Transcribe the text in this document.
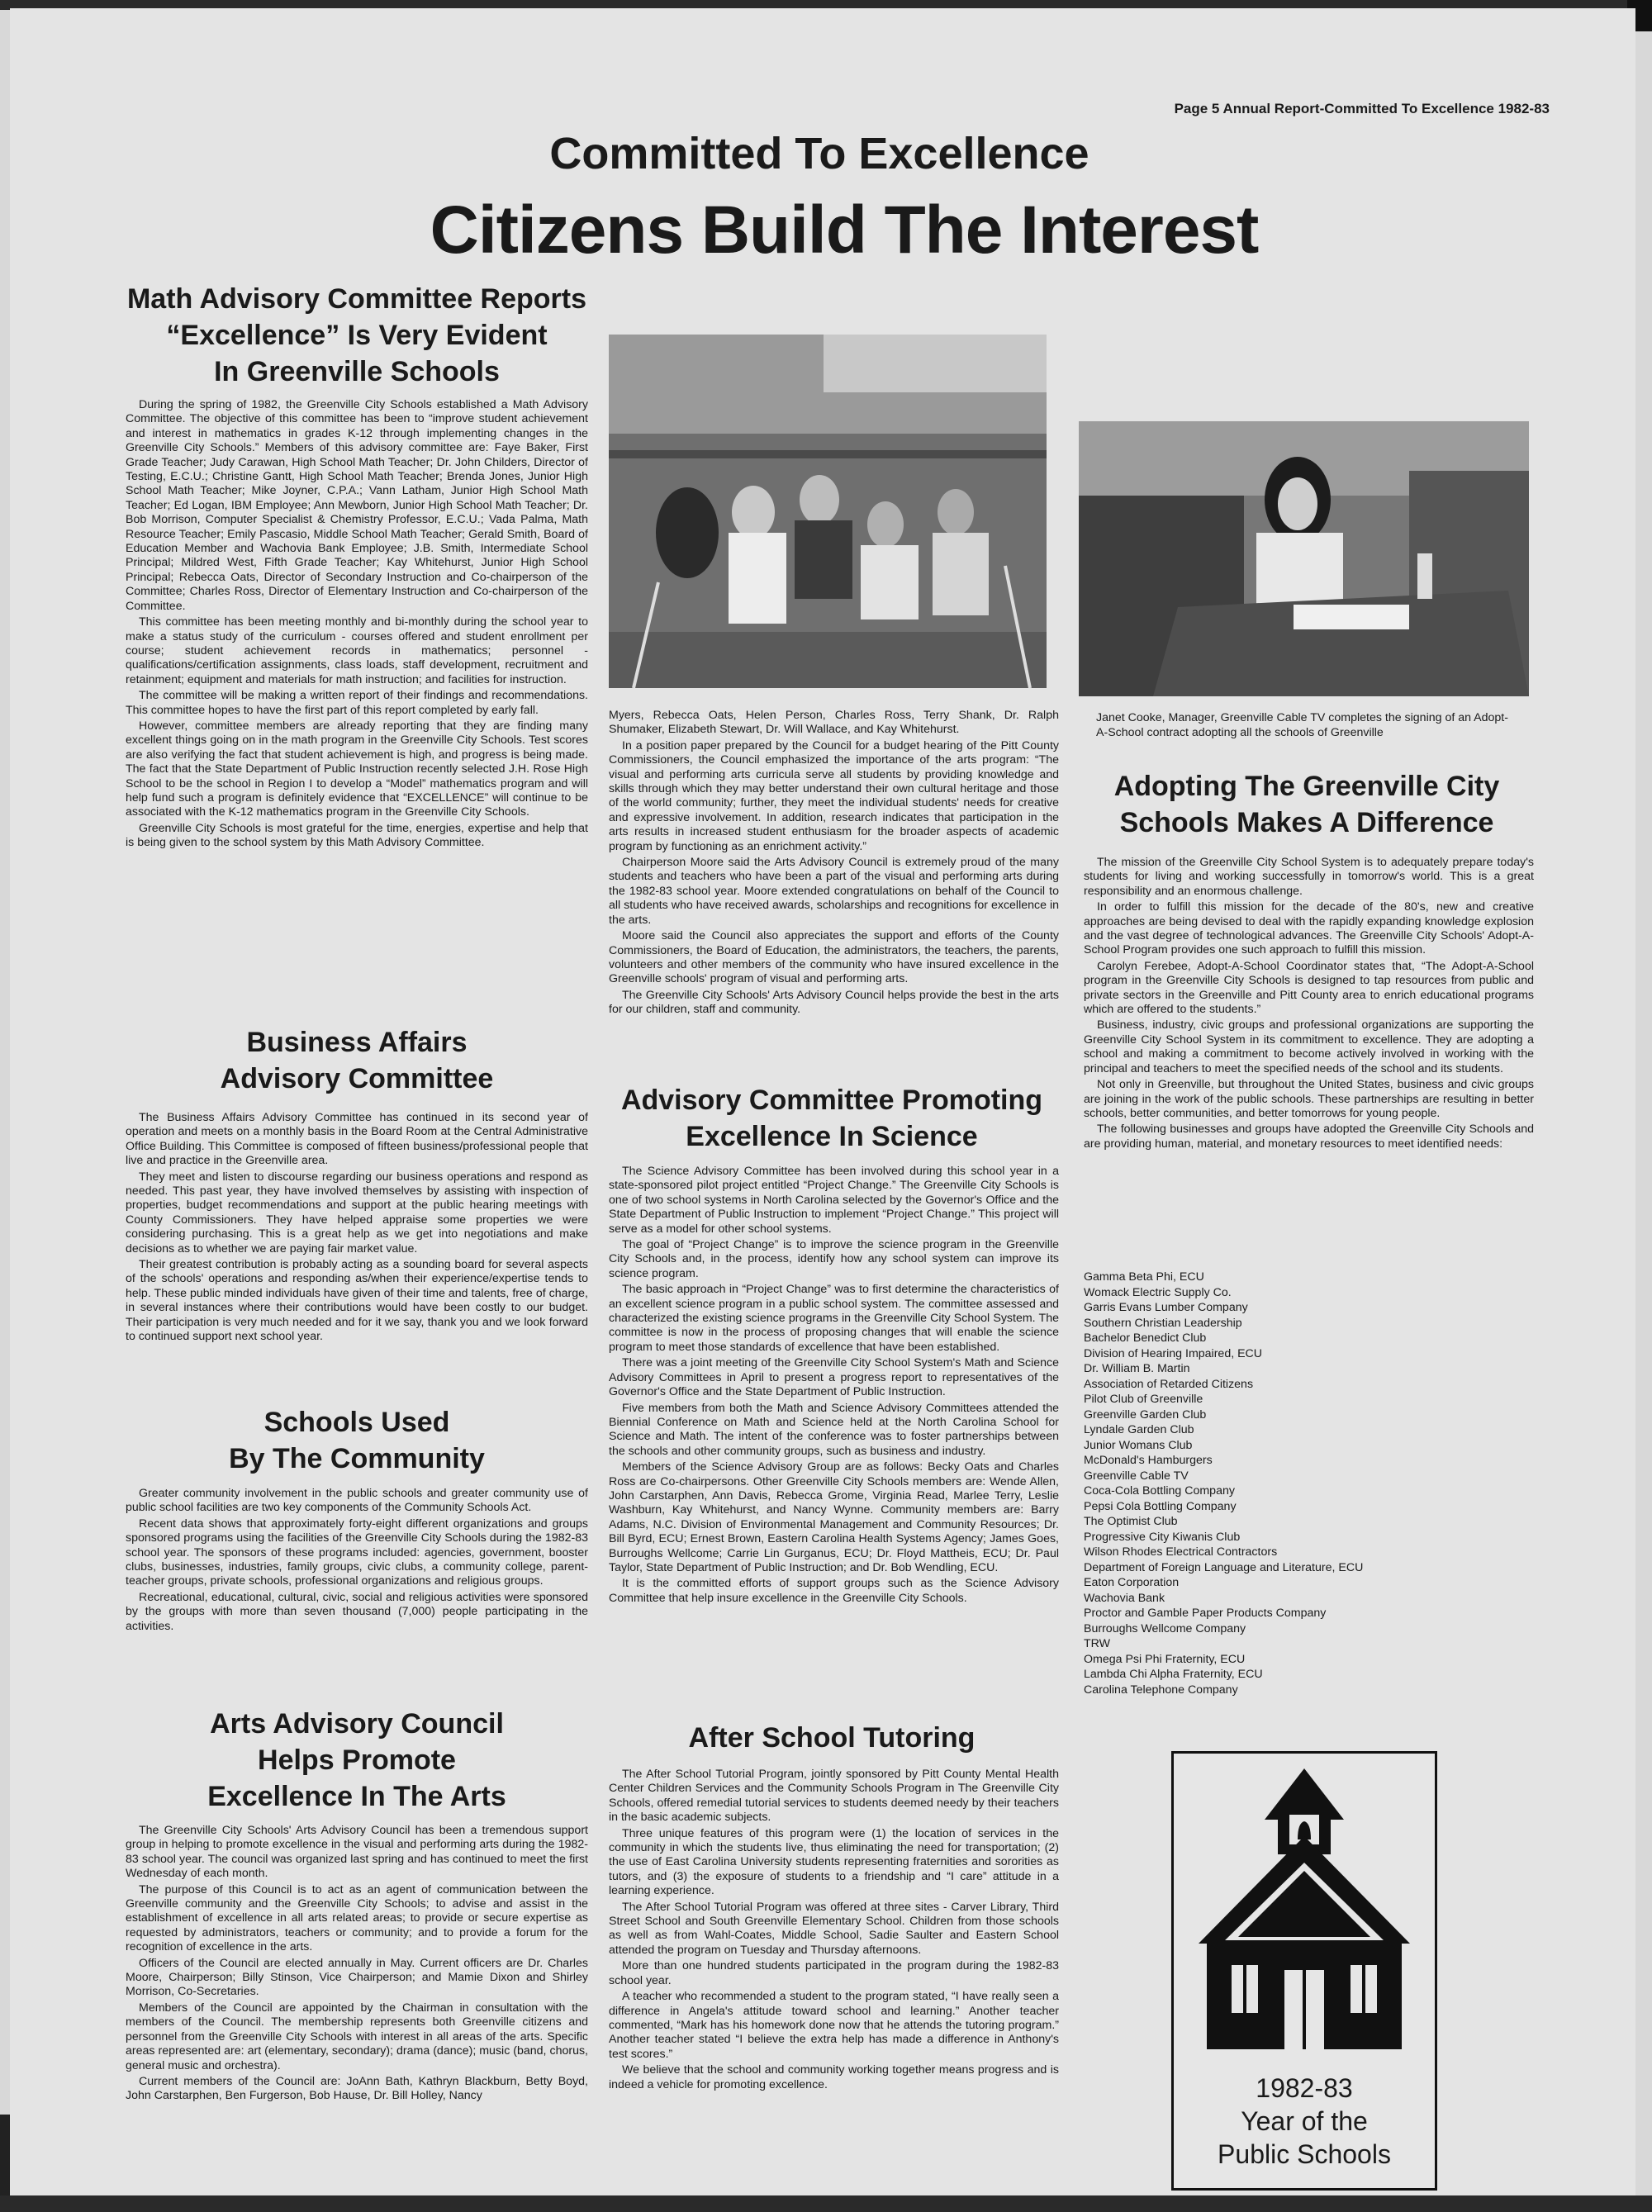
Page 5 Annual Report-Committed To Excellence 1982-83
Committed To Excellence
Citizens Build The Interest
Math Advisory Committee Reports
“Excellence” Is Very Evident
In Greenville Schools

During the spring of 1982, the Greenville City Schools established a Math Advisory Committee. The objective of this committee has been to “improve student achievement and interest in mathematics in grades K-12 through implementing changes in the Greenville City Schools.” Members of this advisory committee are: Faye Baker, First Grade Teacher; Judy Carawan, High School Math Teacher; Dr. John Childers, Director of Testing, E.C.U.; Christine Gantt, High School Math Teacher; Brenda Jones, Junior High School Math Teacher; Mike Joyner, C.P.A.; Vann Latham, Junior High School Math Teacher; Ed Logan, IBM Employee; Ann Mewborn, Junior High School Math Teacher; Dr. Bob Morrison, Computer Specialist & Chemistry Professor, E.C.U.; Vada Palma, Math Resource Teacher; Emily Pascasio, Middle School Math Teacher; Gerald Smith, Board of Education Member and Wachovia Bank Employee; J.B. Smith, Intermediate School Principal; Mildred West, Fifth Grade Teacher; Kay Whitehurst, Junior High School Principal; Rebecca Oats, Director of Secondary Instruction and Co-chairperson of the Committee; Charles Ross, Director of Elementary Instruction and Co-chairperson of the Committee.

This committee has been meeting monthly and bi-monthly during the school year to make a status study of the curriculum - courses offered and student enrollment per course; student achievement records in mathematics; personnel - qualifications/certification assignments, class loads, staff development, recruitment and retainment; equipment and materials for math instruction; and facilities for instruction.

The committee will be making a written report of their findings and recommendations. This committee hopes to have the first part of this report completed by early fall.

However, committee members are already reporting that they are finding many excellent things going on in the math program in the Greenville City Schools. Test scores are also verifying the fact that student achievement is high, and progress is being made. The fact that the State Department of Public Instruction recently selected J.H. Rose High School to be the school in Region I to develop a “Model” mathematics program and will help fund such a program is definitely evidence that “EXCELLENCE” will continue to be associated with the K-12 mathematics program in the Greenville City Schools.

Greenville City Schools is most grateful for the time, energies, expertise and help that is being given to the school system by this Math Advisory Committee.

Business Affairs
Advisory Committee

The Business Affairs Advisory Committee has continued in its second year of operation and meets on a monthly basis in the Board Room at the Central Administrative Office Building. This Committee is composed of fifteen business/professional people that live and practice in the Greenville area.

They meet and listen to discourse regarding our business operations and respond as needed. This past year, they have involved themselves by assisting with inspection of properties, budget recommendations and support at the public hearing meetings with County Commissioners. They have helped appraise some properties we were considering purchasing. This is a great help as we get into negotiations and make decisions as to whether we are paying fair market value.

Their greatest contribution is probably acting as a sounding board for several aspects of the schools' operations and responding as/when their experience/expertise tends to help. These public minded individuals have given of their time and talents, free of charge, in several instances where their contributions would have been costly to our budget. Their participation is very much needed and for it we say, thank you and we look forward to continued support next school year.

Schools Used
By The Community

Greater community involvement in the public schools and greater community use of public school facilities are two key components of the Community Schools Act.

Recent data shows that approximately forty-eight different organizations and groups sponsored programs using the facilities of the Greenville City Schools during the 1982-83 school year. The sponsors of these programs included: agencies, government, booster clubs, businesses, industries, family groups, civic clubs, a community college, parent-teacher groups, private schools, professional organizations and religious groups.

Recreational, educational, cultural, civic, social and religious activities were sponsored by the groups with more than seven thousand (7,000) people participating in the activities.

Arts Advisory Council
Helps Promote
Excellence In The Arts

The Greenville City Schools' Arts Advisory Council has been a tremendous support group in helping to promote excellence in the visual and performing arts during the 1982-83 school year. The council was organized last spring and has continued to meet the first Wednesday of each month.

The purpose of this Council is to act as an agent of communication between the Greenville community and the Greenville City Schools; to advise and assist in the establishment of excellence in all arts related areas; to provide or secure expertise as requested by administrators, teachers or community; and to provide a forum for the recognition of excellence in the arts.

Officers of the Council are elected annually in May. Current officers are Dr. Charles Moore, Chairperson; Billy Stinson, Vice Chairperson; and Mamie Dixon and Shirley Morrison, Co-Secretaries.

Members of the Council are appointed by the Chairman in consultation with the members of the Council. The membership represents both Greenville citizens and personnel from the Greenville City Schools with interest in all areas of the arts. Specific areas represented are: art (elementary, secondary); drama (dance); music (band, chorus, general music and orchestra).

Current members of the Council are: JoAnn Bath, Kathryn Blackburn, Betty Boyd, John Carstarphen, Ben Furgerson, Bob Hause, Dr. Bill Holley, Nancy

Myers, Rebecca Oats, Helen Person, Charles Ross, Terry Shank, Dr. Ralph Shumaker, Elizabeth Stewart, Dr. Will Wallace, and Kay Whitehurst.

In a position paper prepared by the Council for a budget hearing of the Pitt County Commissioners, the Council emphasized the importance of the arts program: “The visual and performing arts curricula serve all students by providing knowledge and skills through which they may better understand their own cultural heritage and those of the world community; further, they meet the individual students' needs for creative and expressive involvement. In addition, research indicates that participation in the arts results in increased student enthusiasm for the broader aspects of academic program by functioning as an enrichment activity.”

Chairperson Moore said the Arts Advisory Council is extremely proud of the many students and teachers who have been a part of the visual and performing arts during the 1982-83 school year. Moore extended congratulations on behalf of the Council to all students who have received awards, scholarships and recognitions for excellence in the arts.

Moore said the Council also appreciates the support and efforts of the County Commissioners, the Board of Education, the administrators, the teachers, the parents, volunteers and other members of the community who have insured excellence in the Greenville schools' program of visual and performing arts.

The Greenville City Schools' Arts Advisory Council helps provide the best in the arts for our children, staff and community.

Advisory Committee Promoting
Excellence In Science

The Science Advisory Committee has been involved during this school year in a state-sponsored pilot project entitled “Project Change.” The Greenville City Schools is one of two school systems in North Carolina selected by the Governor's Office and the State Department of Public Instruction to implement “Project Change.” This project will serve as a model for other school systems.

The goal of “Project Change” is to improve the science program in the Greenville City Schools and, in the process, identify how any school system can improve its science program.

The basic approach in “Project Change” was to first determine the characteristics of an excellent science program in a public school system. The committee assessed and characterized the existing science programs in the Greenville City School System. The committee is now in the process of proposing changes that will enable the science program to meet those standards of excellence that have been established.

There was a joint meeting of the Greenville City School System's Math and Science Advisory Committees in April to present a progress report to representatives of the Governor's Office and the State Department of Public Instruction.

Five members from both the Math and Science Advisory Committees attended the Biennial Conference on Math and Science held at the North Carolina School for Science and Math. The intent of the conference was to foster partnerships between the schools and other community groups, such as business and industry.

Members of the Science Advisory Group are as follows: Becky Oats and Charles Ross are Co-chairpersons. Other Greenville City Schools members are: Wende Allen, John Carstarphen, Ann Davis, Rebecca Grome, Virginia Read, Marlee Terry, Leslie Washburn, Kay Whitehurst, and Nancy Wynne. Community members are: Barry Adams, N.C. Division of Environmental Management and Community Resources; Dr. Bill Byrd, ECU; Ernest Brown, Eastern Carolina Health Systems Agency; James Goes, Burroughs Wellcome; Carrie Lin Gurganus, ECU; Dr. Floyd Mattheis, ECU; Dr. Paul Taylor, State Department of Public Instruction; and Dr. Bob Wendling, ECU.

It is the committed efforts of support groups such as the Science Advisory Committee that help insure excellence in the Greenville City Schools.

After School Tutoring

The After School Tutorial Program, jointly sponsored by Pitt County Mental Health Center Children Services and the Community Schools Program in The Greenville City Schools, offered remedial tutorial services to students deemed needy by their teachers in the basic academic subjects.

Three unique features of this program were (1) the location of services in the community in which the students live, thus eliminating the need for transportation; (2) the use of East Carolina University students representing fraternities and sororities as tutors, and (3) the exposure of students to a friendship and “I care” attitude in a learning experience.

The After School Tutorial Program was offered at three sites - Carver Library, Third Street School and South Greenville Elementary School. Children from those schools as well as from Wahl-Coates, Middle School, Sadie Saulter and Eastern School attended the program on Tuesday and Thursday afternoons.

More than one hundred students participated in the program during the 1982-83 school year.

A teacher who recommended a student to the program stated, “I have really seen a difference in Angela's attitude toward school and learning.” Another teacher commented, “Mark has his homework done now that he attends the tutoring program.” Another teacher stated “I believe the extra help has made a difference in Anthony's test scores.”

We believe that the school and community working together means progress and is indeed a vehicle for promoting excellence.

Janet Cooke, Manager, Greenville Cable TV completes the signing of an Adopt-A-School contract adopting all the schools of Greenville
Adopting The Greenville City
Schools Makes A Difference

The mission of the Greenville City School System is to adequately prepare today's students for living and working successfully in tomorrow's world. This is a great responsibility and an enormous challenge.

In order to fulfill this mission for the decade of the 80's, new and creative approaches are being devised to deal with the rapidly expanding knowledge explosion and the vast degree of technological advances. The Greenville City Schools' Adopt-A-School Program provides one such approach to fulfill this mission.

Carolyn Ferebee, Adopt-A-School Coordinator states that, “The Adopt-A-School program in the Greenville City Schools is designed to tap resources from public and private sectors in the Greenville and Pitt County area to enrich educational programs which are offered to the students.”

Business, industry, civic groups and professional organizations are supporting the Greenville City School System in its commitment to excellence. They are adopting a school and making a commitment to become actively involved in working with the principal and teachers to meet the specified needs of the school and its students.

Not only in Greenville, but throughout the United States, business and civic groups are joining in the work of the public schools. These partnerships are resulting in better schools, better communities, and better tomorrows for young people.

The following businesses and groups have adopted the Greenville City Schools and are providing human, material, and monetary resources to meet identified needs:

Gamma Beta Phi, ECU
Womack Electric Supply Co.
Garris Evans Lumber Company
Southern Christian Leadership
Bachelor Benedict Club
Division of Hearing Impaired, ECU
Dr. William B. Martin
Association of Retarded Citizens
Pilot Club of Greenville
Greenville Garden Club
Lyndale Garden Club
Junior Womans Club
McDonald's Hamburgers
Greenville Cable TV
Coca-Cola Bottling Company
Pepsi Cola Bottling Company
The Optimist Club
Progressive City Kiwanis Club
Wilson Rhodes Electrical Contractors
Department of Foreign Language and Literature, ECU
Eaton Corporation
Wachovia Bank
Proctor and Gamble Paper Products Company
Burroughs Wellcome Company
TRW
Omega Psi Phi Fraternity, ECU
Lambda Chi Alpha Fraternity, ECU
Carolina Telephone Company
1982-83
Year of the
Public Schools
